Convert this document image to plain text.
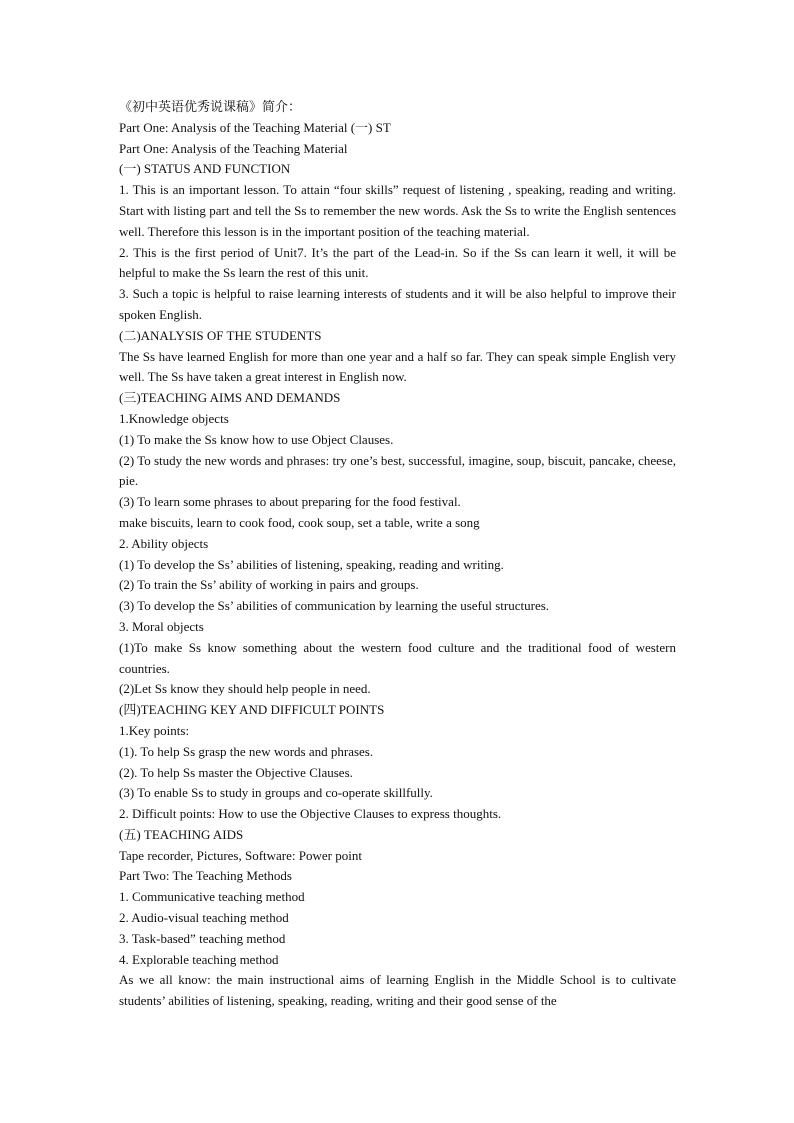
《初中英语优秀说课稿》简介：
Part One: Analysis of the Teaching Material (一) ST
Part One: Analysis of the Teaching Material
(一) STATUS AND FUNCTION
1. This is an important lesson. To attain “four skills” request of listening , speaking, reading and writing. Start with listing part and tell the Ss to remember the new words. Ask the Ss to write the English sentences well. Therefore this lesson is in the important position of the teaching material.
2. This is the first period of Unit7. It’s the part of the Lead-in. So if the Ss can learn it well, it will be helpful to make the Ss learn the rest of this unit.
3. Such a topic is helpful to raise learning interests of students and it will be also helpful to improve their spoken English.
(二)ANALYSIS OF THE STUDENTS
The Ss have learned English for more than one year and a half so far. They can speak simple English very well. The Ss have taken a great interest in English now.
(三)TEACHING AIMS AND DEMANDS
1.Knowledge objects
(1) To make the Ss know how to use Object Clauses.
(2) To study the new words and phrases: try one’s best, successful, imagine, soup, biscuit, pancake, cheese, pie.
(3) To learn some phrases to about preparing for the food festival.
make biscuits, learn to cook food, cook soup, set a table, write a song
2. Ability objects
(1) To develop the Ss’ abilities of listening, speaking, reading and writing.
(2) To train the Ss’ ability of working in pairs and groups.
(3) To develop the Ss’ abilities of communication by learning the useful structures.
3. Moral objects
(1)To make Ss know something about the western food culture and the traditional food of western countries.
(2)Let Ss know they should help people in need.
(四)TEACHING KEY AND DIFFICULT POINTS
1.Key points:
(1). To help Ss grasp the new words and phrases.
(2). To help Ss master the Objective Clauses.
(3) To enable Ss to study in groups and co-operate skillfully.
2. Difficult points: How to use the Objective Clauses to express thoughts.
(五) TEACHING AIDS
Tape recorder, Pictures, Software: Power point
Part Two: The Teaching Methods
1. Communicative teaching method
2. Audio-visual teaching method
3. Task-based” teaching method
4. Explorable teaching method
As we all know: the main instructional aims of learning English in the Middle School is to cultivate students’ abilities of listening, speaking, reading, writing and their good sense of the
